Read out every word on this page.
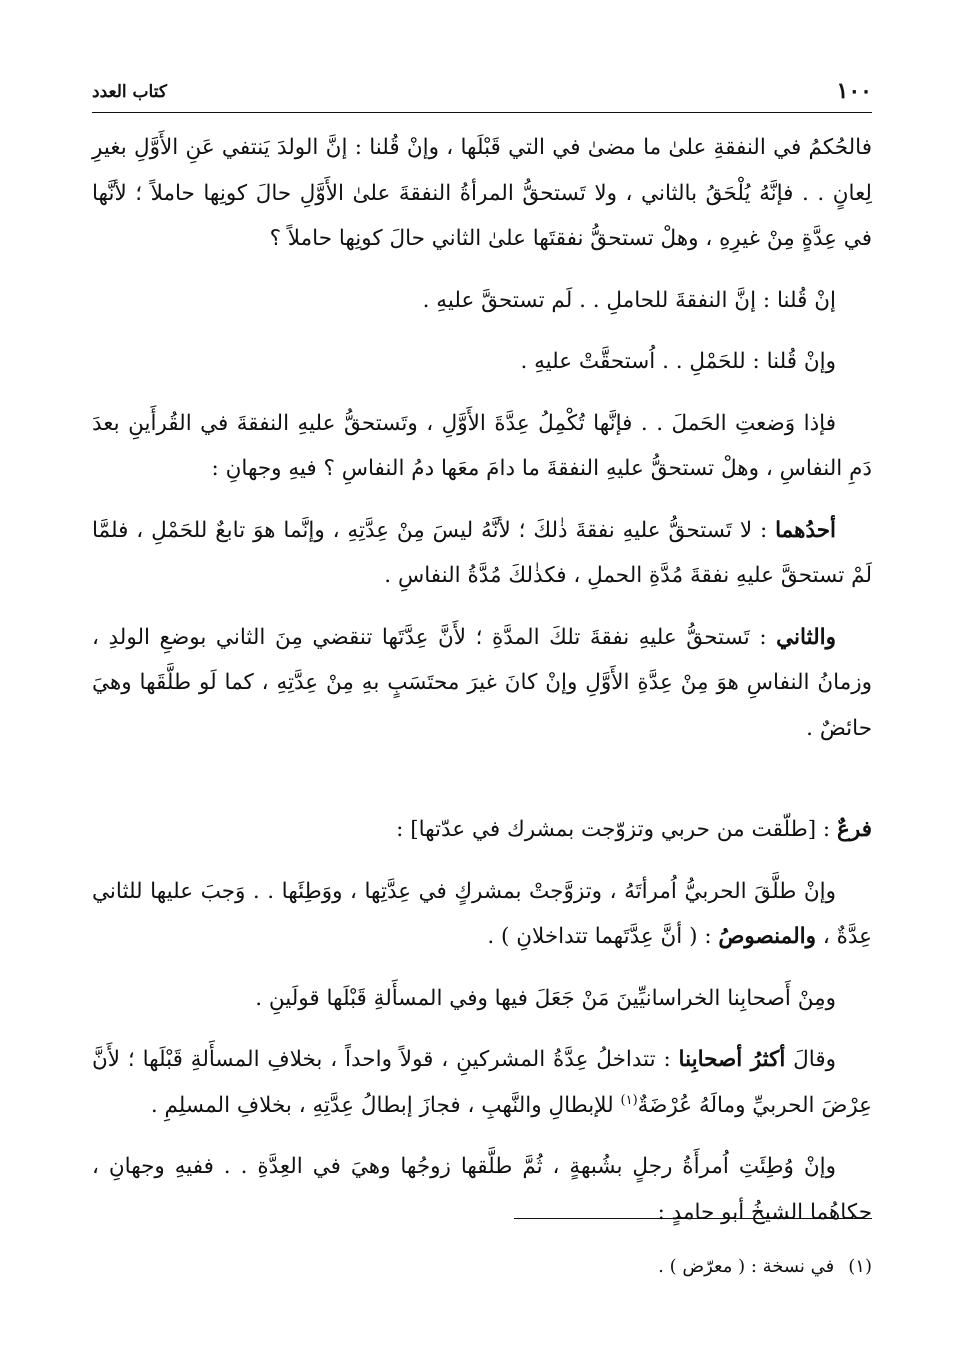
١٠٠
كتاب العدد

فالحُكمُ في النفقةِ علىٰ ما مضىٰ في التي قَبْلَها ، وإنْ قُلنا : إنَّ الولدَ يَنتفي عَنِ الأَوَّلِ بغيرِ لِعانٍ . . فإنَّهُ يُلْحَقُ بالثاني ، ولا تَستحقُّ المرأةُ النفقةَ علىٰ الأَوَّلِ حالَ كونِها حاملاً ؛ لأنَّها في عِدَّةٍ مِنْ غيرِهِ ، وهلْ تستحقُّ نفقتَها علىٰ الثاني حالَ كونِها حاملاً ؟

إنْ قُلنا : إنَّ النفقةَ للحاملِ . . لَم تستحقَّ عليهِ .

وإنْ قُلنا : للحَمْلِ . . اُستحقَّتْ عليهِ .

فإذا وَضعتِ الحَملَ . . فإنَّها تُكْمِلُ عِدَّةَ الأَوَّلِ ، وتَستحقُّ عليهِ النفقةَ في القُرأَينِ بعدَ دَمِ النفاسِ ، وهلْ تستحقُّ عليهِ النفقةَ ما دامَ معَها دمُ النفاسِ ؟ فيهِ وجهانِ :

أحدُهما : لا تَستحقُّ عليهِ نفقةَ ذٰلكَ ؛ لأنَّهُ ليسَ مِنْ عِدَّتِهِ ، وإنَّما هوَ تابعٌ للحَمْلِ ، فلمَّا لَمْ تستحقَّ عليهِ نفقةَ مُدَّةِ الحملِ ، فكذٰلكَ مُدَّةُ النفاسِ .

والثاني : تَستحقُّ عليهِ نفقةَ تلكَ المدَّةِ ؛ لأَنَّ عِدَّتَها تنقضي مِنَ الثاني بوضعِ الولدِ ، وزمانُ النفاسِ هوَ مِنْ عِدَّةِ الأَوَّلِ وإنْ كانَ غيرَ محتَسَبٍ بهِ مِنْ عِدَّتِهِ ، كما لَو طلَّقَها وهيَ حائضٌ .

فرعٌ : [طلّقت من حربي وتزوّجت بمشرك في عدّتها] :

وإنْ طلَّقَ الحربيُّ اُمرأتَهُ ، وتزوَّجتْ بمشركٍ في عِدَّتِها ، ووَطِئَها . . وَجبَ عليها للثاني عِدَّةٌ ، والمنصوصُ : ( أنَّ عِدَّتَهما تتداخلانِ ) .

ومِنْ أَصحابِنا الخراسانيِّينَ مَنْ جَعَلَ فيها وفي المسأَلةِ قَبْلَها قولَينِ .

وقالَ أكثرُ أصحابِنا : تتداخلُ عِدَّةُ المشركينِ ، قولاً واحداً ، بخلافِ المسأَلةِ قَبْلَها ؛ لأَنَّ عِرْضَ الحربيِّ ومالَهُ عُرْضَةٌ$^{(١)}$ للإبطالِ والنَّهبِ ، فجازَ إبطالُ عِدَّتِهِ ، بخلافِ المسلِمِ .

وإنْ وُطِئَتِ اُمرأَةُ رجلٍ بشُبهةٍ ، ثُمَّ طلَّقها زوجُها وهيَ في العِدَّةِ . . ففيهِ وجهانِ ، حكاهُما الشيخُ أبو حامدٍ :

(١)في نسخة : ( معرّض ) .
